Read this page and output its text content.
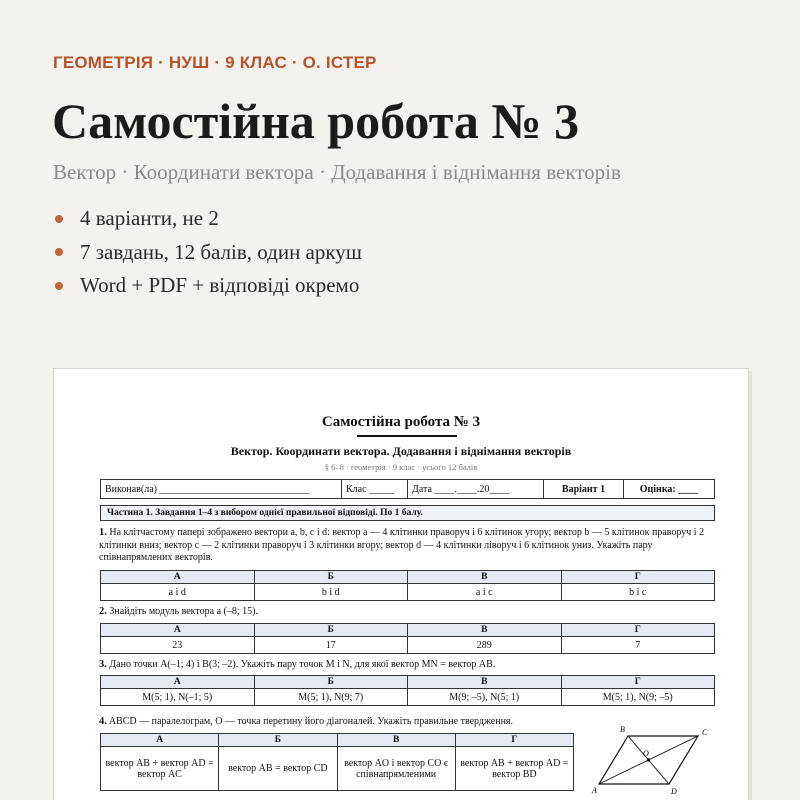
ГЕОМЕТРІЯ · НУШ · 9 КЛАС · О. ІСТЕР
Самостійна робота № 3
Вектор · Координати вектора · Додавання і віднімання векторів
4 варіанти, не 2
7 завдань, 12 балів, один аркуш
Word + PDF + відповіді окремо
Самостійна робота № 3
Вектор. Координати вектора. Додавання і віднімання векторів
§ 6–8 · геометрія · 9 клас · усього 12 балів
Виконав(ла) ______________________________	Клас _____	Дата ____.____.20____	Варіант 1	Оцінка: ____
Частина 1. Завдання 1–4 з вибором однієї правильної відповіді. По 1 балу.
1. На клітчастому папері зображено вектори a, b, c і d: вектор a — 4 клітинки праворуч і 6 клітинок угору; вектор b — 5 клітинок праворуч і 2 клітинки вниз; вектор c — 2 клітинки праворуч і 3 клітинки вгору; вектор d — 4 клітинки ліворуч і 6 клітинок униз. Укажіть пару співнапрямлених векторів.
А	Б	В	Г
a і d	b і d	a і c	b і c
2. Знайдіть модуль вектора a (–8; 15).
А	Б	В	Г
23	17	289	7
3. Дано точки A(–1; 4) і B(3; –2). Укажіть пару точок M і N, для якої вектор MN = вектор AB.
А	Б	В	Г
M(5; 1), N(–1; 5)	M(5; 1), N(9; 7)	M(9; –5), N(5; 1)	M(5; 1), N(9; –5)
4. ABCD — паралелограм, O — точка перетину його діагоналей. Укажіть правильне твердження.
А	Б	В	Г
вектор AB + вектор AD = вектор AC	вектор AB = вектор CD	вектор AO і вектор CO є співнапрямленими	вектор AB + вектор AD = вектор BD
A
B	C
D
O
